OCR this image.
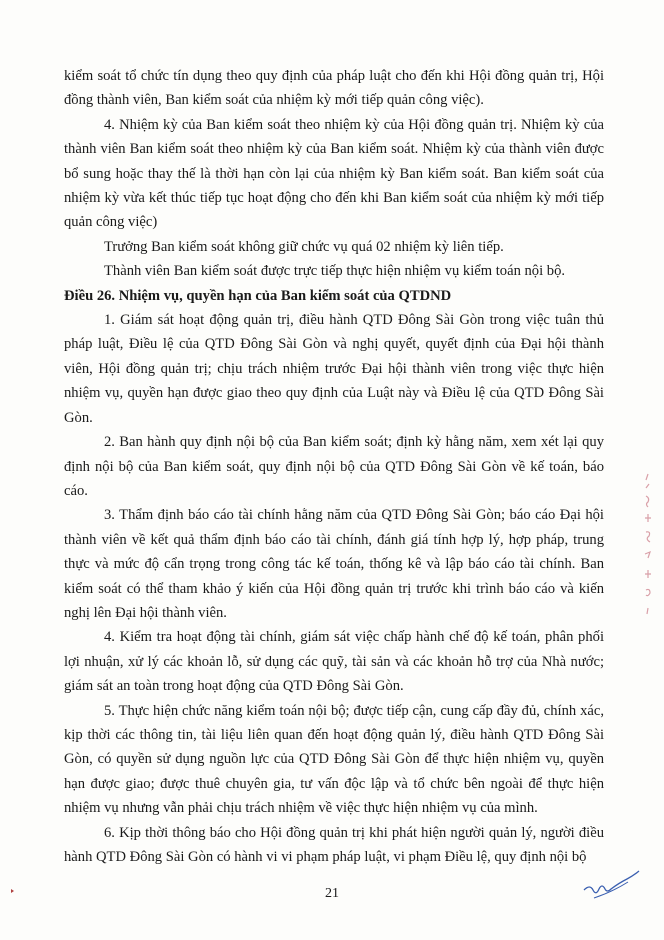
kiểm soát tổ chức tín dụng theo quy định của pháp luật cho đến khi Hội đồng quản trị, Hội đồng thành viên, Ban kiểm soát của nhiệm kỳ mới tiếp quản công việc).

4. Nhiệm kỳ của Ban kiểm soát theo nhiệm kỳ của Hội đồng quản trị. Nhiệm kỳ của thành viên Ban kiểm soát theo nhiệm kỳ của Ban kiểm soát. Nhiệm kỳ của thành viên được bổ sung hoặc thay thế là thời hạn còn lại của nhiệm kỳ Ban kiểm soát. Ban kiểm soát của nhiệm kỳ vừa kết thúc tiếp tục hoạt động cho đến khi Ban kiểm soát của nhiệm kỳ mới tiếp quản công việc)

Trưởng Ban kiểm soát không giữ chức vụ quá 02 nhiệm kỳ liên tiếp.

Thành viên Ban kiểm soát được trực tiếp thực hiện nhiệm vụ kiểm toán nội bộ.

Điều 26. Nhiệm vụ, quyền hạn của Ban kiểm soát của QTDND

1. Giám sát hoạt động quản trị, điều hành QTD Đông Sài Gòn trong việc tuân thủ pháp luật, Điều lệ của QTD Đông Sài Gòn và nghị quyết, quyết định của Đại hội thành viên, Hội đồng quản trị; chịu trách nhiệm trước Đại hội thành viên trong việc thực hiện nhiệm vụ, quyền hạn được giao theo quy định của Luật này và Điều lệ của QTD Đông Sài Gòn.

2. Ban hành quy định nội bộ của Ban kiểm soát; định kỳ hằng năm, xem xét lại quy định nội bộ của Ban kiểm soát, quy định nội bộ của QTD Đông Sài Gòn về kế toán, báo cáo.

3. Thẩm định báo cáo tài chính hằng năm của QTD Đông Sài Gòn; báo cáo Đại hội thành viên về kết quả thẩm định báo cáo tài chính, đánh giá tính hợp lý, hợp pháp, trung thực và mức độ cẩn trọng trong công tác kế toán, thống kê và lập báo cáo tài chính. Ban kiểm soát có thể tham khảo ý kiến của Hội đồng quản trị trước khi trình báo cáo và kiến nghị lên Đại hội thành viên.

4. Kiểm tra hoạt động tài chính, giám sát việc chấp hành chế độ kế toán, phân phối lợi nhuận, xử lý các khoản lỗ, sử dụng các quỹ, tài sản và các khoản hỗ trợ của Nhà nước; giám sát an toàn trong hoạt động của QTD Đông Sài Gòn.

5. Thực hiện chức năng kiểm toán nội bộ; được tiếp cận, cung cấp đầy đủ, chính xác, kịp thời các thông tin, tài liệu liên quan đến hoạt động quản lý, điều hành QTD Đông Sài Gòn, có quyền sử dụng nguồn lực của QTD Đông Sài Gòn để thực hiện nhiệm vụ, quyền hạn được giao; được thuê chuyên gia, tư vấn độc lập và tổ chức bên ngoài để thực hiện nhiệm vụ nhưng vẫn phải chịu trách nhiệm về việc thực hiện nhiệm vụ của mình.

6. Kịp thời thông báo cho Hội đồng quản trị khi phát hiện người quản lý, người điều hành QTD Đông Sài Gòn có hành vi vi phạm pháp luật, vi phạm Điều lệ, quy định nội bộ

21
